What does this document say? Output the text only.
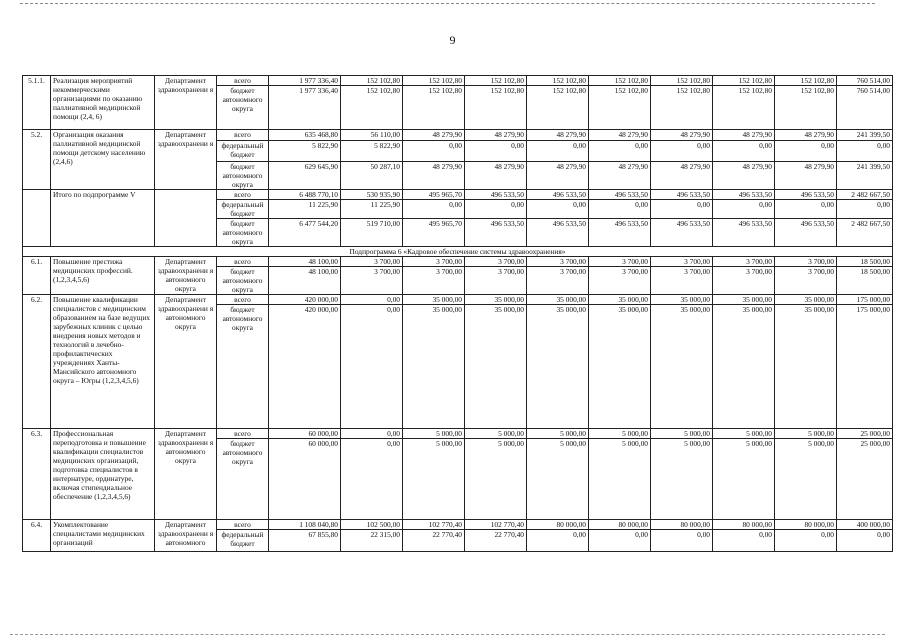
9
5.1.1.	Реализация мероприятий некоммерческими организациями по оказанию паллиативной медицинской помощи (2,4, 6)	Департамент здравоохранени я	всего	1 977 336,40	152 102,80	152 102,80	152 102,80	152 102,80	152 102,80	152 102,80	152 102,80	152 102,80	760 514,00
			бюджет автономного округа	1 977 336,40	152 102,80	152 102,80	152 102,80	152 102,80	152 102,80	152 102,80	152 102,80	152 102,80	760 514,00
5.2.	Организация оказания паллиативной медицинской помощи детскому населению (2,4,6)	Департамент здравоохранени я	всего	635 468,80	56 110,00	48 279,90	48 279,90	48 279,90	48 279,90	48 279,90	48 279,90	48 279,90	241 399,50
			федеральный бюджет	5 822,90	5 822,90	0,00	0,00	0,00	0,00	0,00	0,00	0,00	0,00
			бюджет автономного округа	629 645,90	50 287,10	48 279,90	48 279,90	48 279,90	48 279,90	48 279,90	48 279,90	48 279,90	241 399,50
	Итого по подпрограмме V		всего	6 488 770,10	530 935,90	495 965,70	496 533,50	496 533,50	496 533,50	496 533,50	496 533,50	496 533,50	2 482 667,50
			федеральный бюджет	11 225,90	11 225,90	0,00	0,00	0,00	0,00	0,00	0,00	0,00	0,00
			бюджет автономного округа	6 477 544,20	519 710,00	495 965,70	496 533,50	496 533,50	496 533,50	496 533,50	496 533,50	496 533,50	2 482 667,50
Подпрограмма 6 «Кадровое обеспечение системы здравоохранения»													
6.1.	Повышение престижа медицинских профессий. (1,2,3,4,5,6)	Департамент здравоохранени я автономного округа	всего	48 100,00	3 700,00	3 700,00	3 700,00	3 700,00	3 700,00	3 700,00	3 700,00	3 700,00	18 500,00
			бюджет автономного округа	48 100,00	3 700,00	3 700,00	3 700,00	3 700,00	3 700,00	3 700,00	3 700,00	3 700,00	18 500,00
6.2.	Повышение квалификации специалистов с медицинским образованием на базе ведущих зарубежных клиник с целью внедрения новых методов и технологий в лечебно-профилактических учреждениях Ханты-Мансийского автономного округа – Югры (1,2,3,4,5,6)	Департамент здравоохранени я автономного округа	всего	420 000,00	0,00	35 000,00	35 000,00	35 000,00	35 000,00	35 000,00	35 000,00	35 000,00	175 000,00
			бюджет автономного округа	420 000,00	0,00	35 000,00	35 000,00	35 000,00	35 000,00	35 000,00	35 000,00	35 000,00	175 000,00
6.3.	Профессиональная переподготовка и повышение квалификации специалистов медицинских организаций, подготовка специалистов в интернатуре, ординатуре, включая стипендиальное обеспечение (1,2,3,4,5,6)	Департамент здравоохранени я автономного округа	всего	60 000,00	0,00	5 000,00	5 000,00	5 000,00	5 000,00	5 000,00	5 000,00	5 000,00	25 000,00
			бюджет автономного округа	60 000,00	0,00	5 000,00	5 000,00	5 000,00	5 000,00	5 000,00	5 000,00	5 000,00	25 000,00
6.4.	Укомплектование специалистами медицинских организаций	Департамент здравоохранени я автономного	всего	1 108 040,80	102 500,00	102 770,40	102 770,40	80 000,00	80 000,00	80 000,00	80 000,00	80 000,00	400 000,00
			федеральный бюджет	67 855,80	22 315,00	22 770,40	22 770,40	0,00	0,00	0,00	0,00	0,00	0,00
